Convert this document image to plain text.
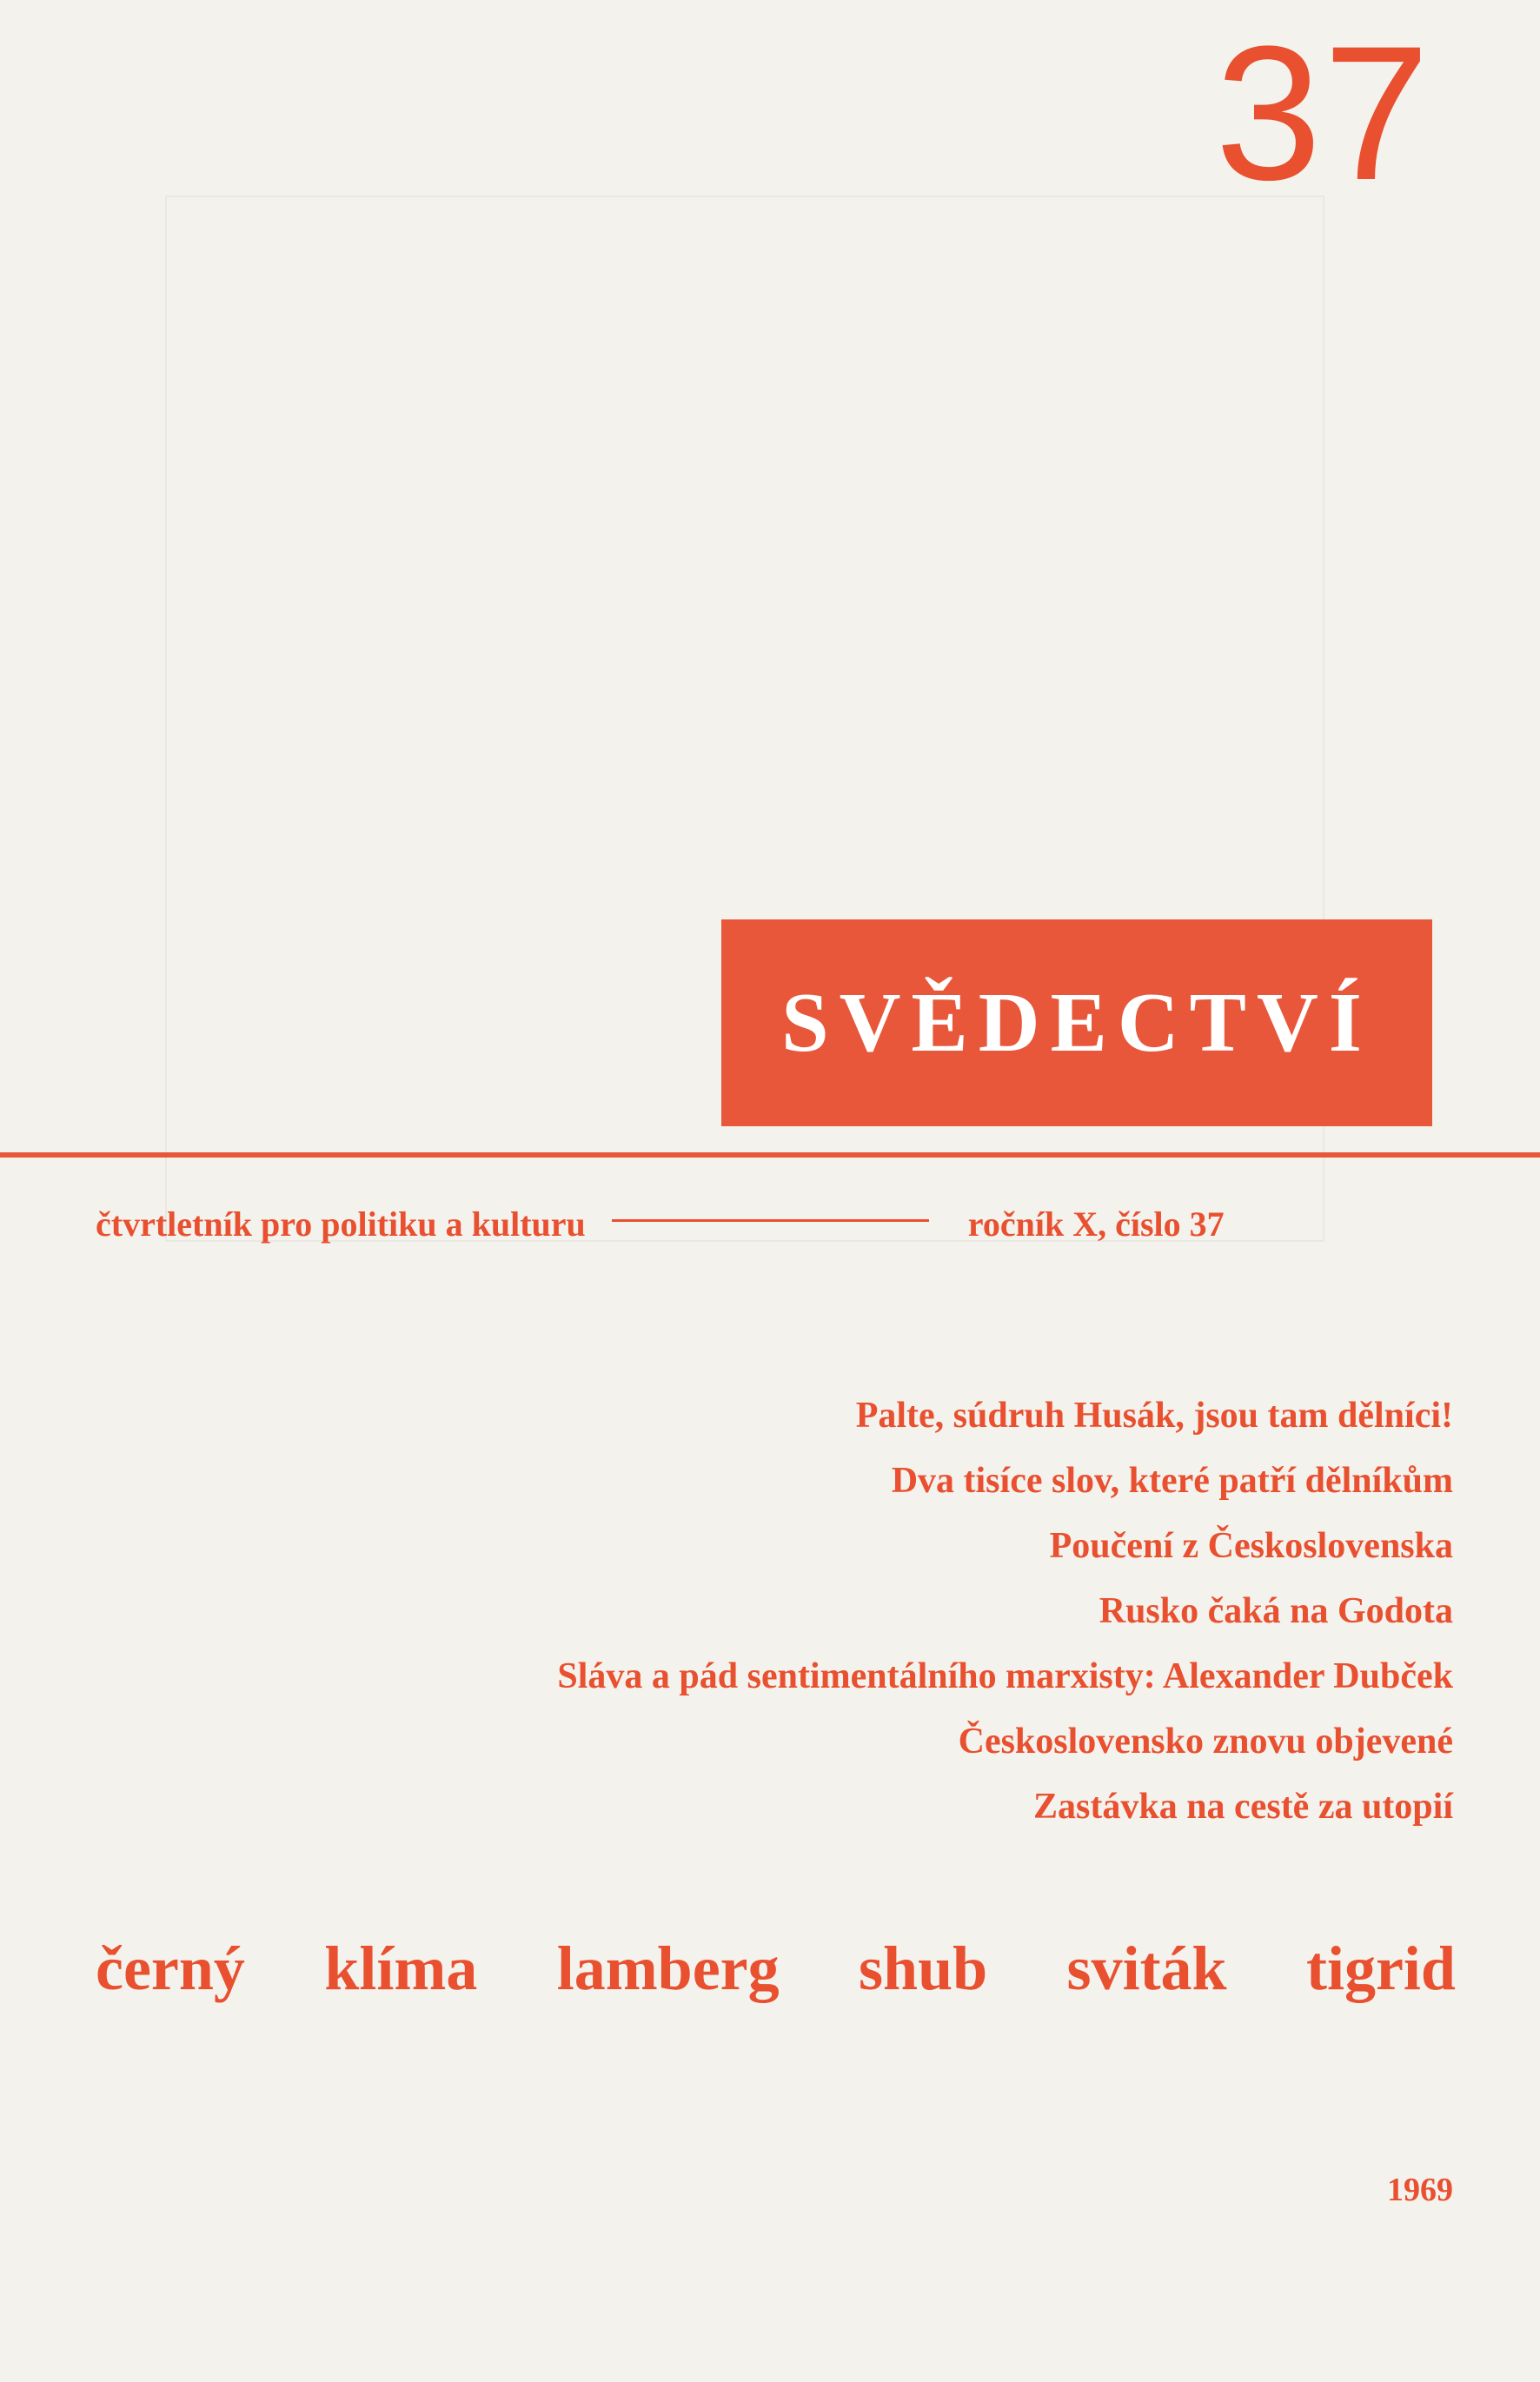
37
SVĚDECTVÍ
čtvrtletník pro politiku a kulturu	ročník X, číslo 37
Palte, súdruh Husák, jsou tam dělníci!
Dva tisíce slov, které patří dělníkům
Poučení z Československa
Rusko čaká na Godota
Sláva a pád sentimentálního marxisty: Alexander Dubček
Československo znovu objevené
Zastávka na cestě za utopií
černý klíma lamberg shub sviták tigrid
1969
